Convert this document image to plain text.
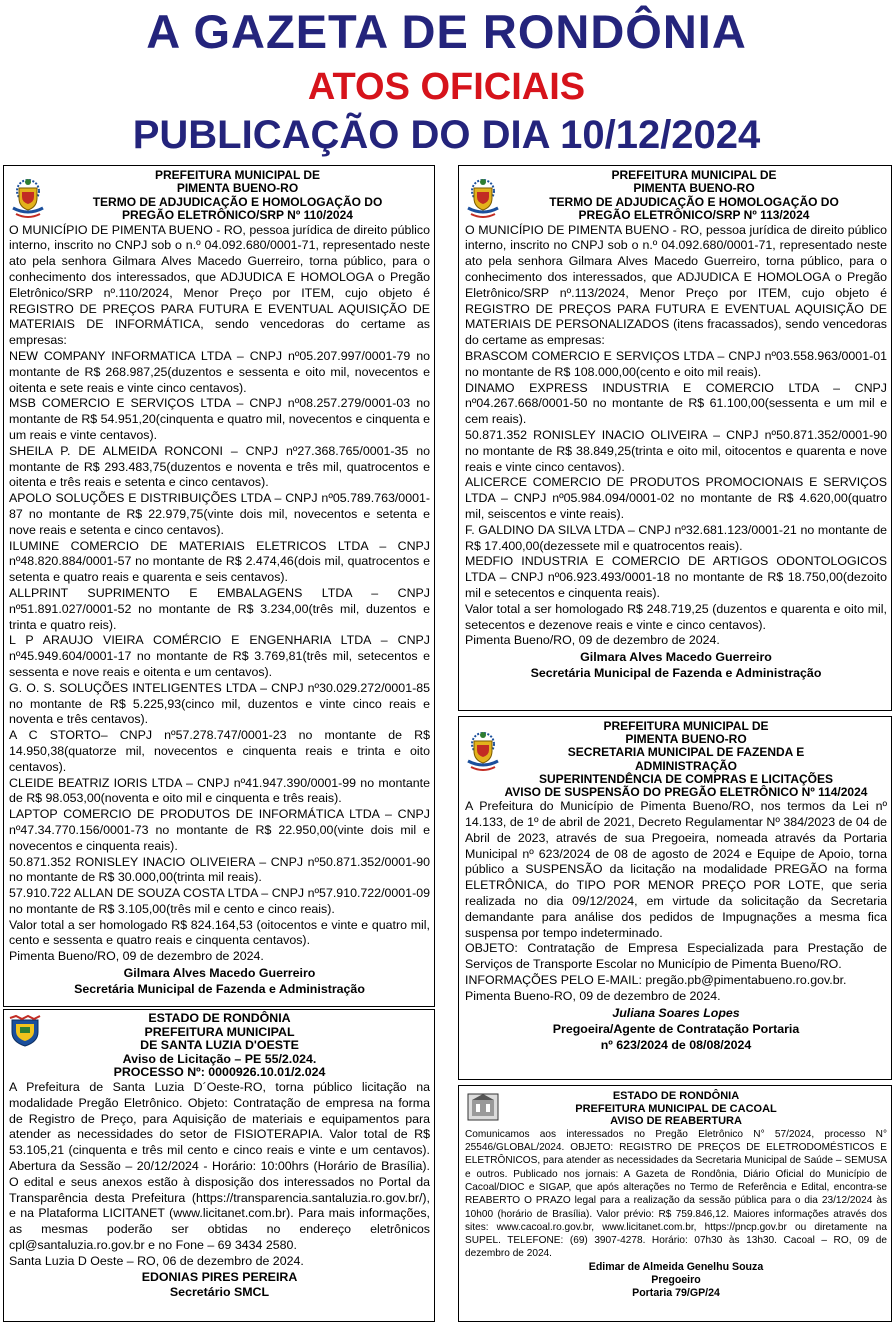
A GAZETA DE RONDÔNIA
ATOS OFICIAIS
PUBLICAÇÃO DO DIA 10/12/2024
PREFEITURA MUNICIPAL DE
PIMENTA BUENO-RO
TERMO DE ADJUDICAÇÃO E HOMOLOGAÇÃO DO
PREGÃO ELETRÔNICO/SRP Nº 110/2024

O MUNICÍPIO DE PIMENTA BUENO - RO, pessoa jurídica de direito público interno, inscrito no CNPJ sob o n.º 04.092.680/0001-71, representado neste ato pela senhora Gilmara Alves Macedo Guerreiro, torna público, para o conhecimento dos interessados, que ADJUDICA E HOMOLOGA o Pregão Eletrônico/SRP nº.110/2024, Menor Preço por ITEM, cujo objeto é REGISTRO DE PREÇOS PARA FUTURA E EVENTUAL AQUISIÇÃO DE MATERIAIS DE INFORMÁTICA, sendo vencedoras do certame as empresas:

NEW COMPANY INFORMATICA LTDA – CNPJ nº05.207.997/0001-79 no montante de R$ 268.987,25(duzentos e sessenta e oito mil, novecentos e oitenta e sete reais e vinte cinco centavos).

MSB COMERCIO E SERVIÇOS LTDA – CNPJ nº08.257.279/0001-03 no montante de R$ 54.951,20(cinquenta e quatro mil, novecentos e cinquenta e um reais e vinte centavos).

SHEILA P. DE ALMEIDA RONCONI – CNPJ nº27.368.765/0001-35 no montante de R$ 293.483,75(duzentos e noventa e três mil, quatrocentos e oitenta e três reais e setenta e cinco centavos).

APOLO SOLUÇÕES E DISTRIBUIÇÕES LTDA – CNPJ nº05.789.763/0001-87 no montante de R$ 22.979,75(vinte dois mil, novecentos e setenta e nove reais e setenta e cinco centavos).

ILUMINE COMERCIO DE MATERIAIS ELETRICOS LTDA – CNPJ nº48.820.884/0001-57 no montante de R$ 2.474,46(dois mil, quatrocentos e setenta e quatro reais e quarenta e seis centavos).

ALLPRINT SUPRIMENTO E EMBALAGENS LTDA – CNPJ nº51.891.027/0001-52 no montante de R$ 3.234,00(três mil, duzentos e trinta e quatro reis).

L P ARAUJO VIEIRA COMÉRCIO E ENGENHARIA LTDA – CNPJ nº45.949.604/0001-17 no montante de R$ 3.769,81(três mil, setecentos e sessenta e nove reais e oitenta e um centavos).

G. O. S. SOLUÇÕES INTELIGENTES LTDA – CNPJ nº30.029.272/0001-85 no montante de R$ 5.225,93(cinco mil, duzentos e vinte cinco reais e noventa e três centavos).

A C STORTO– CNPJ nº57.278.747/0001-23 no montante de R$ 14.950,38(quatorze mil, novecentos e cinquenta reais e trinta e oito centavos).

CLEIDE BEATRIZ IORIS LTDA – CNPJ nº41.947.390/0001-99 no montante de R$ 98.053,00(noventa e oito mil e cinquenta e três reais).

LAPTOP COMERCIO DE PRODUTOS DE INFORMÁTICA LTDA – CNPJ nº47.34.770.156/0001-73 no montante de R$ 22.950,00(vinte dois mil e novecentos e cinquenta reais).

50.871.352 RONISLEY INACIO OLIVEIERA – CNPJ nº50.871.352/0001-90 no montante de R$ 30.000,00(trinta mil reais).

57.910.722 ALLAN DE SOUZA COSTA LTDA – CNPJ nº57.910.722/0001-09 no montante de R$ 3.105,00(três mil e cento e cinco reais).

Valor total a ser homologado R$ 824.164,53 (oitocentos e vinte e quatro mil, cento e sessenta e quatro reais e cinquenta centavos).

Pimenta Bueno/RO, 09 de dezembro de 2024.

Gilmara Alves Macedo Guerreiro
Secretária Municipal de Fazenda e Administração
PREFEITURA MUNICIPAL DE
PIMENTA BUENO-RO
TERMO DE ADJUDICAÇÃO E HOMOLOGAÇÃO DO
PREGÃO ELETRÔNICO/SRP Nº 113/2024

O MUNICÍPIO DE PIMENTA BUENO - RO, pessoa jurídica de direito público interno, inscrito no CNPJ sob o n.º 04.092.680/0001-71, representado neste ato pela senhora Gilmara Alves Macedo Guerreiro, torna público, para o conhecimento dos interessados, que ADJUDICA E HOMOLOGA o Pregão Eletrônico/SRP nº.113/2024, Menor Preço por ITEM, cujo objeto é REGISTRO DE PREÇOS PARA FUTURA E EVENTUAL AQUISIÇÃO DE MATERIAIS DE PERSONALIZADOS (itens fracassados), sendo vencedoras do certame as empresas:

BRASCOM COMERCIO E SERVIÇOS LTDA – CNPJ nº03.558.963/0001-01 no montante de R$ 108.000,00(cento e oito mil reais).

DINAMO EXPRESS INDUSTRIA E COMERCIO LTDA – CNPJ nº04.267.668/0001-50 no montante de R$ 61.100,00(sessenta e um mil e cem reais).

50.871.352 RONISLEY INACIO OLIVEIRA – CNPJ nº50.871.352/0001-90 no montante de R$ 38.849,25(trinta e oito mil, oitocentos e quarenta e nove reais e vinte cinco centavos).

ALICERCE COMERCIO DE PRODUTOS PROMOCIONAIS E SERVIÇOS LTDA – CNPJ nº05.984.094/0001-02 no montante de R$ 4.620,00(quatro mil, seiscentos e vinte reais).

F. GALDINO DA SILVA LTDA – CNPJ nº32.681.123/0001-21 no montante de R$ 17.400,00(dezessete mil e quatrocentos reais).

MEDFIO INDUSTRIA E COMERCIO DE ARTIGOS ODONTOLOGICOS LTDA – CNPJ nº06.923.493/0001-18 no montante de R$ 18.750,00(dezoito mil e setecentos e cinquenta reais).

Valor total a ser homologado R$ 248.719,25 (duzentos e quarenta e oito mil, setecentos e dezenove reais e vinte e cinco centavos).

Pimenta Bueno/RO, 09 de dezembro de 2024.

Gilmara Alves Macedo Guerreiro
Secretária Municipal de Fazenda e Administração
ESTADO DE RONDÔNIA
PREFEITURA MUNICIPAL
DE SANTA LUZIA D'OESTE
Aviso de Licitação – PE 55/2.024.
PROCESSO Nº: 0000926.10.01/2.024

A Prefeitura de Santa Luzia D´Oeste-RO, torna público licitação na modalidade Pregão Eletrônico. Objeto: Contratação de empresa na forma de Registro de Preço, para Aquisição de materiais e equipamentos para atender as necessidades do setor de FISIOTERAPIA. Valor total de R$ 53.105,21 (cinquenta e três mil cento e cinco reais e vinte e um centavos). Abertura da Sessão – 20/12/2024 - Horário: 10:00hrs (Horário de Brasília). O edital e seus anexos estão à disposição dos interessados no Portal da Transparência desta Prefeitura (https://transparencia.santaluzia.ro.gov.br/), e na Plataforma LICITANET (www.licitanet.com.br). Para mais informações, as mesmas poderão ser obtidas no endereço eletrônicos cpl@santaluzia.ro.gov.br e no Fone – 69 3434 2580.

Santa Luzia D Oeste – RO, 06 de dezembro de 2024.

EDONIAS PIRES PEREIRA
Secretário SMCL
PREFEITURA MUNICIPAL DE
PIMENTA BUENO-RO
SECRETARIA MUNICIPAL DE FAZENDA E
ADMINISTRAÇÃO
SUPERINTENDÊNCIA DE COMPRAS E LICITAÇÕES
AVISO DE SUSPENSÃO DO PREGÃO ELETRÔNICO Nº 114/2024

A Prefeitura do Município de Pimenta Bueno/RO, nos termos da Lei nº 14.133, de 1º de abril de 2021, Decreto Regulamentar Nº 384/2023 de 04 de Abril de 2023, através de sua Pregoeira, nomeada através da Portaria Municipal nº 623/2024 de 08 de agosto de 2024 e Equipe de Apoio, torna público a SUSPENSÃO da licitação na modalidade PREGÃO na forma ELETRÔNICA, do TIPO POR MENOR PREÇO POR LOTE, que seria realizada no dia 09/12/2024, em virtude da solicitação da Secretaria demandante para análise dos pedidos de Impugnações a mesma fica suspensa por tempo indeterminado.

OBJETO: Contratação de Empresa Especializada para Prestação de Serviços de Transporte Escolar no Município de Pimenta Bueno/RO.

INFORMAÇÕES PELO E-MAIL: pregão.pb@pimentabueno.ro.gov.br.

Pimenta Bueno-RO, 09 de dezembro de 2024.

Juliana Soares Lopes
Pregoeira/Agente de Contratação Portaria
nº 623/2024 de 08/08/2024
ESTADO DE RONDÔNIA
PREFEITURA MUNICIPAL DE CACOAL
AVISO DE REABERTURA

Comunicamos aos interessados no Pregão Eletrônico N° 57/2024, processo N° 25546/GLOBAL/2024. OBJETO: REGISTRO DE PREÇOS DE ELETRODOMÉSTICOS E ELETRÔNICOS, para atender as necessidades da Secretaria Municipal de Saúde – SEMUSA e outros. Publicado nos jornais: A Gazeta de Rondônia, Diário Oficial do Município de Cacoal/DIOC e SIGAP, que após alterações no Termo de Referência e Edital, encontra-se REABERTO O PRAZO legal para a realização da sessão pública para o dia 23/12/2024 às 10h00 (horário de Brasília). Valor prévio: R$ 759.846,12. Maiores informações através dos sites: www.cacoal.ro.gov.br, www.licitanet.com.br, https://pncp.gov.br ou diretamente na SUPEL. TELEFONE: (69) 3907-4278. Horário: 07h30 às 13h30. Cacoal – RO, 09 de dezembro de 2024.

Edimar de Almeida Genelhu Souza
Pregoeiro
Portaria 79/GP/24
